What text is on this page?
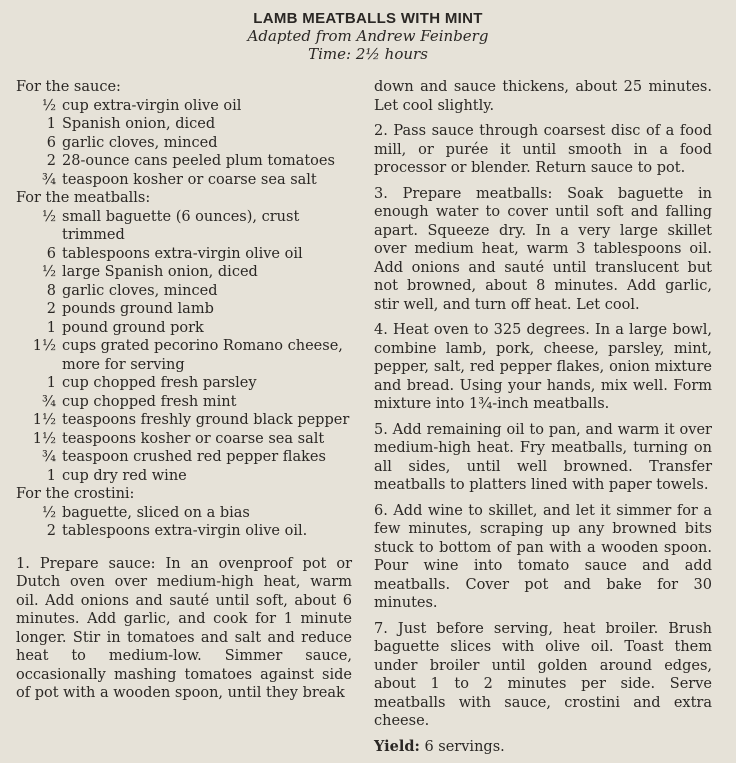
LAMB MEATBALLS WITH MINT
Adapted from Andrew Feinberg
Time: 2½ hours
For the sauce:
½ cup extra-virgin olive oil
1 Spanish onion, diced
6 garlic cloves, minced
2 28-ounce cans peeled plum tomatoes
¾ teaspoon kosher or coarse sea salt
For the meatballs:
½ small baguette (6 ounces), crust trimmed
6 tablespoons extra-virgin olive oil
½ large Spanish onion, diced
8 garlic cloves, minced
2 pounds ground lamb
1 pound ground pork
1½ cups grated pecorino Romano cheese, more for serving
1 cup chopped fresh parsley
¾ cup chopped fresh mint
1½ teaspoons freshly ground black pepper
1½ teaspoons kosher or coarse sea salt
¾ teaspoon crushed red pepper flakes
1 cup dry red wine
For the crostini:
½ baguette, sliced on a bias
2 tablespoons extra-virgin olive oil.

1. Prepare sauce: In an ovenproof pot or Dutch oven over medium-high heat, warm oil. Add onions and sauté until soft, about 6 minutes. Add garlic, and cook for 1 minute longer. Stir in tomatoes and salt and reduce heat to medium-low. Simmer sauce, occasionally mashing tomatoes against side of pot with a wooden spoon, until they break

down and sauce thickens, about 25 minutes. Let cool slightly.

2. Pass sauce through coarsest disc of a food mill, or purée it until smooth in a food processor or blender. Return sauce to pot.

3. Prepare meatballs: Soak baguette in enough water to cover until soft and falling apart. Squeeze dry. In a very large skillet over medium heat, warm 3 tablespoons oil. Add onions and sauté until translucent but not browned, about 8 minutes. Add garlic, stir well, and turn off heat. Let cool.

4. Heat oven to 325 degrees. In a large bowl, combine lamb, pork, cheese, parsley, mint, pepper, salt, red pepper flakes, onion mixture and bread. Using your hands, mix well. Form mixture into 1¾-inch meatballs.

5. Add remaining oil to pan, and warm it over medium-high heat. Fry meatballs, turning on all sides, until well browned. Transfer meatballs to platters lined with paper towels.

6. Add wine to skillet, and let it simmer for a few minutes, scraping up any browned bits stuck to bottom of pan with a wooden spoon. Pour wine into tomato sauce and add meatballs. Cover pot and bake for 30 minutes.

7. Just before serving, heat broiler. Brush baguette slices with olive oil. Toast them under broiler until golden around edges, about 1 to 2 minutes per side. Serve meatballs with sauce, crostini and extra cheese.

Yield: 6 servings.
